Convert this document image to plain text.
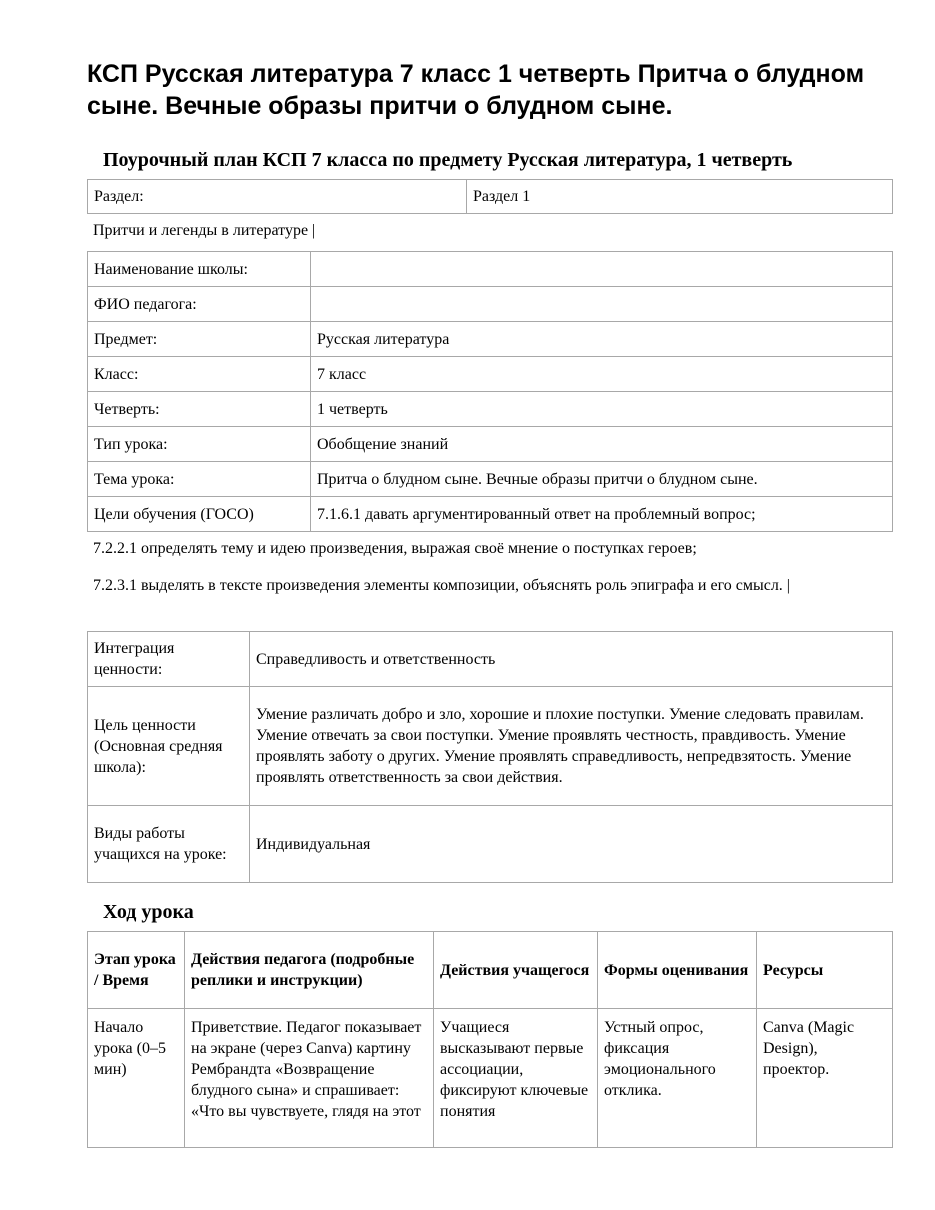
КСП Русская литература 7 класс 1 четверть Притча о блудном сыне. Вечные образы притчи о блудном сыне.
Поурочный план КСП 7 класса по предмету Русская литература, 1 четверть
Раздел:	Раздел 1

Притчи и легенды в литературе |

Наименование школы:	
ФИО педагога:	
Предмет:	Русская литература
Класс:	7 класс
Четверть:	1 четверть
Тип урока:	Обобщение знаний
Тема урока:	Притча о блудном сыне. Вечные образы притчи о блудном сыне.
Цели обучения (ГОСО)	7.1.6.1 давать аргументированный ответ на проблемный вопрос;

7.2.2.1 определять тему и идею произведения, выражая своё мнение о поступках героев;

7.2.3.1 выделять в тексте произведения элементы композиции, объяснять роль эпиграфа и его смысл. |

Интеграция ценности:	Справедливость и ответственность
Цель ценности (Основная средняя школа):	Умение различать добро и зло, хорошие и плохие поступки. Умение следовать правилам. Умение отвечать за свои поступки. Умение проявлять честность, правдивость. Умение проявлять заботу о других. Умение проявлять справедливость, непредвзятость. Умение проявлять ответственность за свои действия.
Виды работы учащихся на уроке:	Индивидуальная
Ход урока
Этап урока / Время	Действия педагога (подробные реплики и инструкции)	Действия учащегося	Формы оценивания	Ресурсы
Начало урока (0–5 мин)	Приветствие. Педагог показывает на экране (через Canva) картину Рембрандта «Возвращение блудного сына» и спрашивает: «Что вы чувствуете, глядя на этот	Учащиеся высказывают первые ассоциации, фиксируют ключевые понятия	Устный опрос, фиксация эмоционального отклика.	Canva (Magic Design), проектор.
